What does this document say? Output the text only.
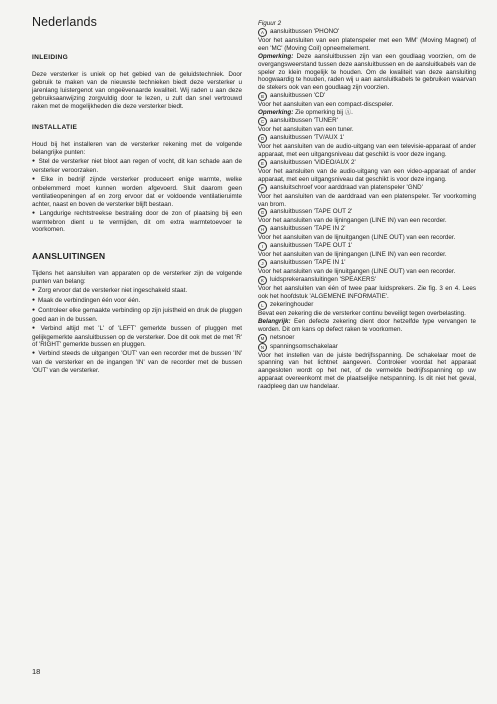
Nederlands
INLEIDING
Deze versterker is uniek op het gebied van de geluidstechniek. Door gebruik te maken van de nieuwste technieken biedt deze versterker u jarenlang luistergenot van ongeëvenaarde kwaliteit. Wij raden u aan deze gebruiksaanwijzing zorgvuldig door te lezen, u zult dan snel vertrouwd raken met de mogelijkheden die deze versterker biedt.
INSTALLATIE
Houd bij het installeren van de versterker rekening met de volgende belangrijke punten:
● Stel de versterker niet bloot aan regen of vocht, dit kan schade aan de versterker veroorzaken.
● Elke in bedrijf zijnde versterker produceert enige warmte, welke onbelemmerd moet kunnen worden afgevoerd. Sluit daarom geen ventilatieopeningen af en zorg ervoor dat er voldoende ventilatieruimte achter, naast en boven de versterker blijft bestaan.
● Langdurige rechtstreekse bestraling door de zon of plaatsing bij een warmtebron dient u te vermijden, dit om extra warmtetoevoer te voorkomen.
AANSLUITINGEN
Tijdens het aansluiten van apparaten op de versterker zijn de volgende punten van belang:
● Zorg ervoor dat de versterker niet ingeschakeld staat.
● Maak de verbindingen één voor één.
● Controleer elke gemaakte verbinding op zijn juistheid en druk de pluggen goed aan in de bussen.
● Verbind altijd met 'L' of 'LEFT' gemerkte bussen of pluggen met gelijkgemerkte aansluitbussen op de versterker. Doe dit ook met de met 'R' of 'RIGHT' gemerkte bussen en pluggen.
● Verbind steeds de uitgangen 'OUT' van een recorder met de bussen 'IN' van de versterker en de ingangen 'IN' van de recorder met de bussen 'OUT' van de versterker.
Figuur 2
A aansluitbussen 'PHONO'
Voor het aansluiten van een platenspeler met een 'MM' (Moving Magnet) of een 'MC' (Moving Coil) opneemelement.
Opmerking: Deze aansluitbussen zijn van een goudlaag voorzien, om de overgangsweerstand tussen deze aansluitbussen en de aansluitkabels van de speler zo klein mogelijk te houden. Om de kwaliteit van deze aansluiting hoogwaardig te houden, raden wij u aan aansluitkabels te gebruiken waarvan de stekers ook van een goudlaag zijn voorzien.
B aansluitbussen 'CD'
Voor het aansluiten van een compact-discspeler.
Opmerking: Zie opmerking bij Ⓐ.
C aansluitbussen 'TUNER'
Voor het aansluiten van een tuner.
D aansluitbussen 'TV/AUX 1'
Voor het aansluiten van de audio-uitgang van een televisie-apparaat of ander apparaat, met een uitgangsniveau dat geschikt is voor deze ingang.
E aansluitbussen 'VIDEO/AUX 2'
Voor het aansluiten van de audio-uitgang van een video-apparaat of ander apparaat, met een uitgangsniveau dat geschikt is voor deze ingang.
F aansluitschroef voor aarddraad van platenspeler 'GND'
Voor het aansluiten van de aarddraad van een platenspeler. Ter voorkoming van brom.
G aansluitbussen 'TAPE OUT 2'
Voor het aansluiten van de lijningangen (LINE IN) van een recorder.
H aansluitbussen 'TAPE IN 2'
Voor het aansluiten van de lijnuitgangen (LINE OUT) van een recorder.
I aansluitbussen 'TAPE OUT 1'
Voor het aansluiten van de lijningangen (LINE IN) van een recorder.
J aansluitbussen 'TAPE IN 1'
Voor het aansluiten van de lijnuitgangen (LINE OUT) van een recorder.
K luidsprekeraansluitingen 'SPEAKERS'
Voor het aansluiten van één of twee paar luidsprekers. Zie fig. 3 en 4. Lees ook het hoofdstuk 'ALGEMENE INFORMATIE'.
L zekeringhouder
Bevat een zekering die de versterker continu beveiligt tegen overbelasting.
Belangrijk: Een defecte zekering dient door hetzelfde type vervangen te worden. Dit om kans op defect raken te voorkomen.
M netsnoer
N spanningsomschakelaar
Voor het instellen van de juiste bedrijfsspanning. De schakelaar moet de spanning van het lichtnet aangeven. Controleer voordat het apparaat aangesloten wordt op het net, of de vermelde bedrijfsspanning op uw apparaat overeenkomt met de plaatselijke netspanning. Is dit niet het geval, raadpleeg dan uw handelaar.
18
